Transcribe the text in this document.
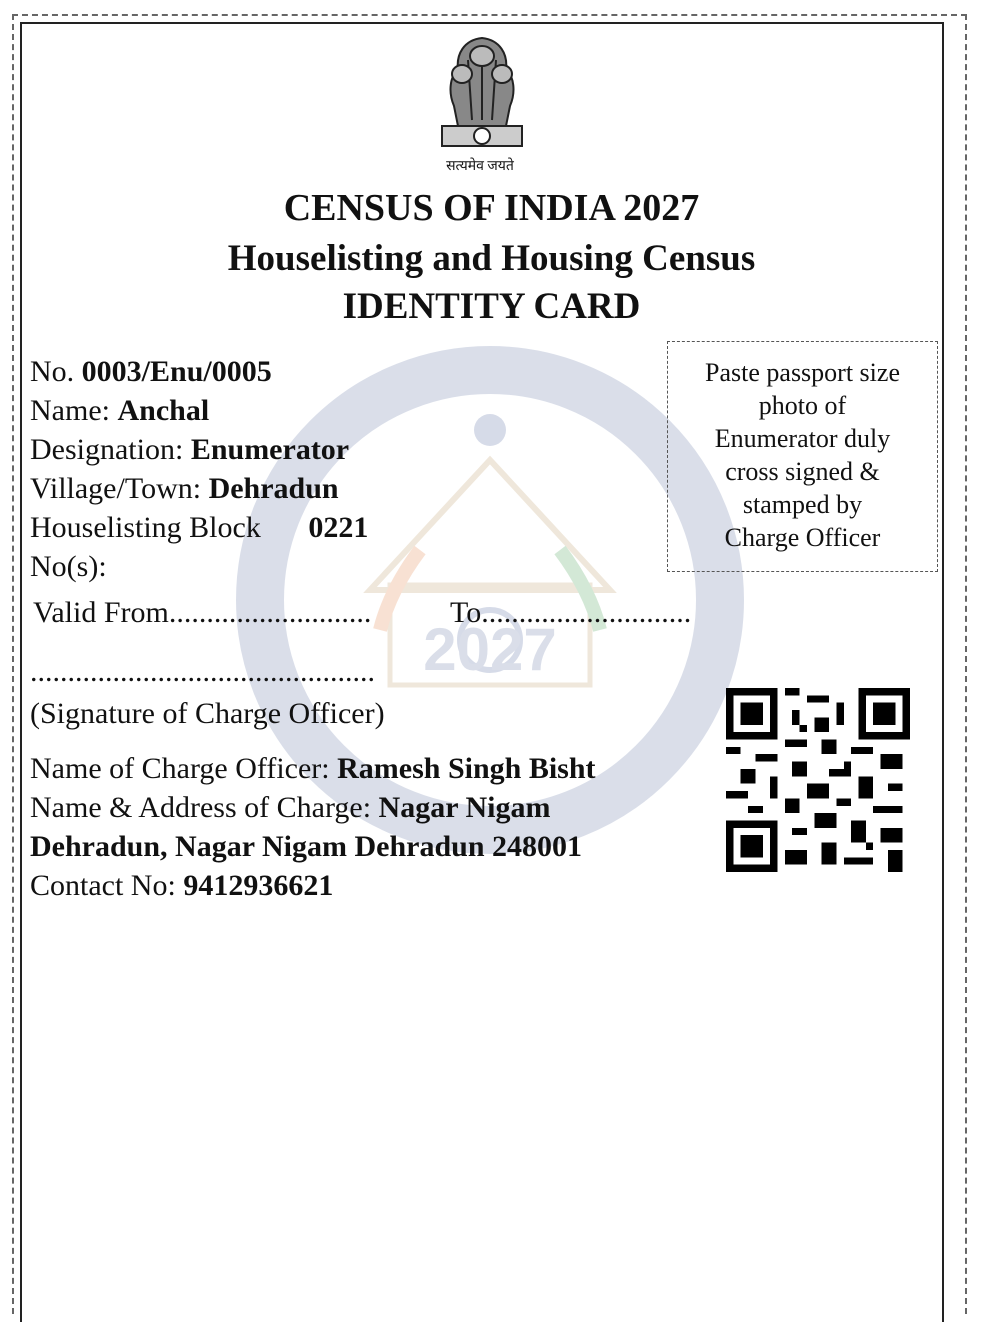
2027
सत्यमेव जयते
CENSUS OF INDIA 2027
Houselisting and Housing Census
IDENTITY CARD
Paste passport size
photo of
Enumerator duly
cross signed &
stamped by
Charge Officer
No. 0003/Enu/0005
Name: Anchal
Designation: Enumerator
Village/Town: Dehradun
Houselisting Block 0221
No(s):
Valid From...........................	To............................
..............................................
(Signature of Charge Officer)
Name of Charge Officer: Ramesh Singh Bisht
Name & Address of Charge: Nagar Nigam
Dehradun, Nagar Nigam Dehradun 248001
Contact No: 9412936621
